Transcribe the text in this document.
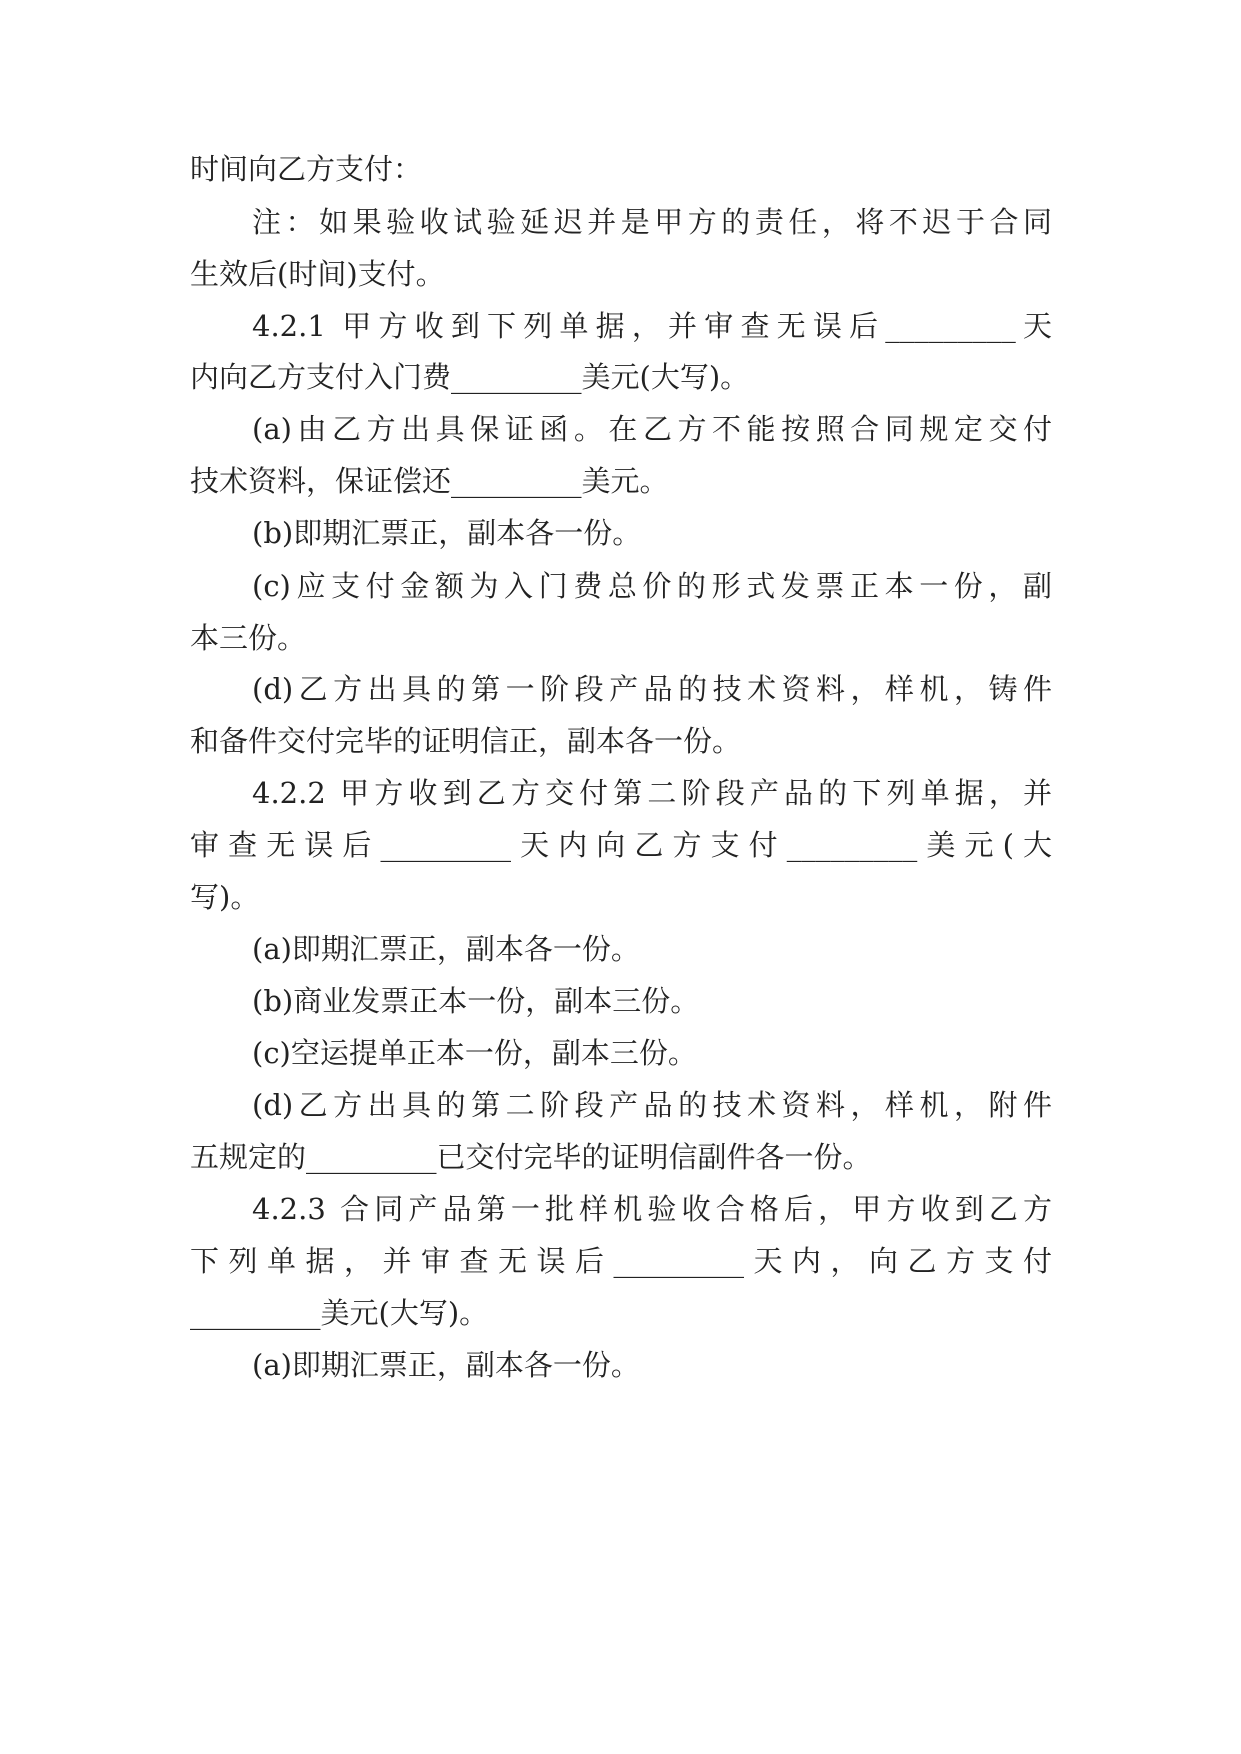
时间向乙方支付：
注：如果验收试验延迟并是甲方的责任，将不迟于合同
生效后(时间)支付。
4.2.1 甲方收到下列单据，并审查无误后_________天
内向乙方支付入门费_________美元(大写)。
(a)由乙方出具保证函。在乙方不能按照合同规定交付
技术资料，保证偿还_________美元。
(b)即期汇票正，副本各一份。
(c)应支付金额为入门费总价的形式发票正本一份，副
本三份。
(d)乙方出具的第一阶段产品的技术资料，样机，铸件
和备件交付完毕的证明信正，副本各一份。
4.2.2 甲方收到乙方交付第二阶段产品的下列单据，并
审查无误后_________天内向乙方支付_________美元(大
写)。
(a)即期汇票正，副本各一份。
(b)商业发票正本一份，副本三份。
(c)空运提单正本一份，副本三份。
(d)乙方出具的第二阶段产品的技术资料，样机，附件
五规定的_________已交付完毕的证明信副件各一份。
4.2.3 合同产品第一批样机验收合格后，甲方收到乙方
下列单据，并审查无误后_________天内，向乙方支付
_________美元(大写)。
(a)即期汇票正，副本各一份。
